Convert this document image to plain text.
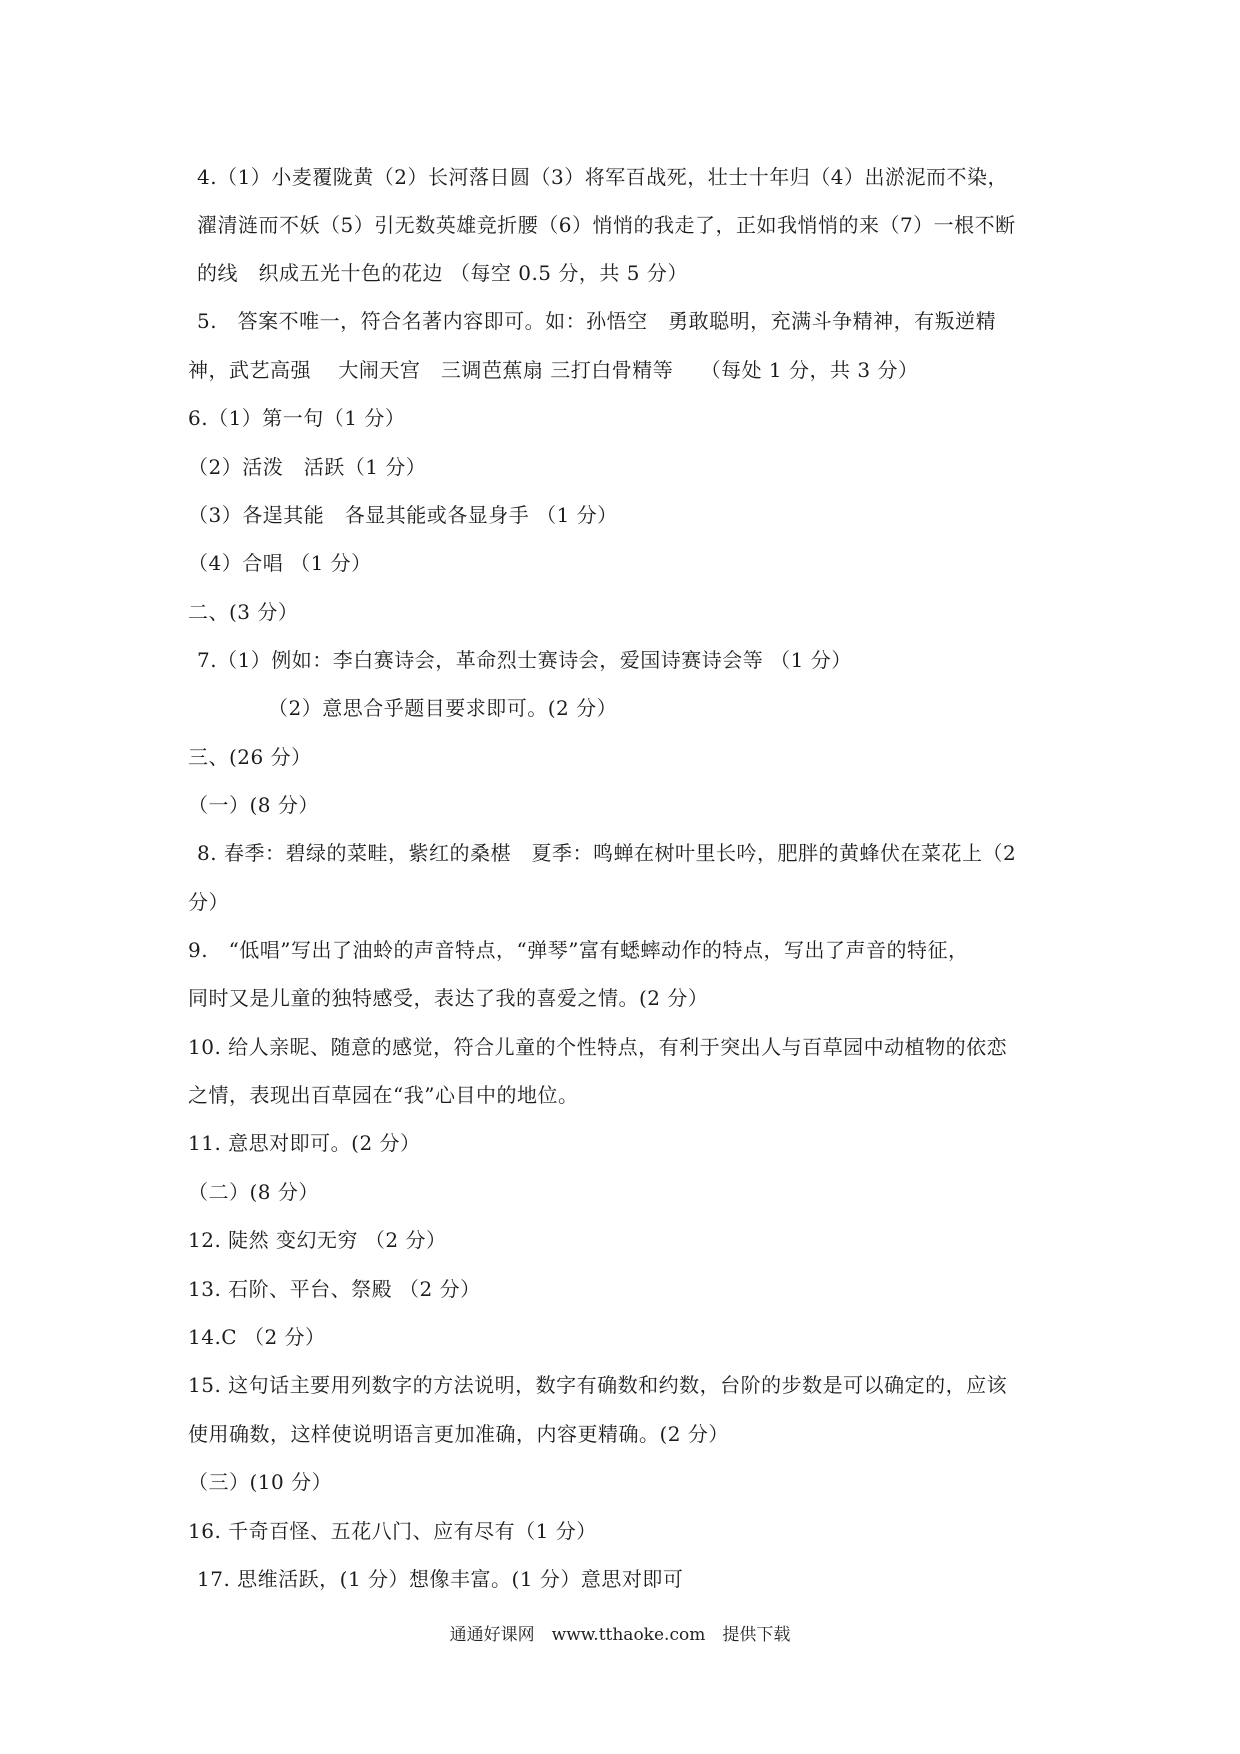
4.（1）小麦覆陇黄（2）长河落日圆（3）将军百战死，壮士十年归（4）出淤泥而不染，
濯清涟而不妖（5）引无数英雄竞折腰（6）悄悄的我走了，正如我悄悄的来（7）一根不断
的线　织成五光十色的花边 （每空 0.5 分，共 5 分）
5.　答案不唯一，符合名著内容即可。如：孙悟空　勇敢聪明，充满斗争精神，有叛逆精
神，武艺高强　 大闹天宫　三调芭蕉扇 三打白骨精等　 （每处 1 分，共 3 分）
6.（1）第一句（1 分）
（2）活泼　活跃（1 分）
（3）各逞其能　各显其能或各显身手 （1 分）
（4）合唱 （1 分）
二、(3 分）
7.（1）例如：李白赛诗会，革命烈士赛诗会，爱国诗赛诗会等 （1 分）
（2）意思合乎题目要求即可。(2 分）
三、(26 分）
（一）(8 分）
8. 春季：碧绿的菜畦，紫红的桑椹　夏季：鸣蝉在树叶里长吟，肥胖的黄蜂伏在菜花上（2
分）
9.　“低唱”写出了油蛉的声音特点，“弹琴”富有蟋蟀动作的特点，写出了声音的特征，
同时又是儿童的独特感受，表达了我的喜爱之情。(2 分）
10. 给人亲昵、随意的感觉，符合儿童的个性特点，有利于突出人与百草园中动植物的依恋
之情，表现出百草园在“我”心目中的地位。
11. 意思对即可。(2 分）
（二）(8 分）
12. 陡然 变幻无穷 （2 分）
13. 石阶、平台、祭殿 （2 分）
14.C （2 分）
15. 这句话主要用列数字的方法说明，数字有确数和约数，台阶的步数是可以确定的，应该
使用确数，这样使说明语言更加准确，内容更精确。(2 分）
（三）(10 分）
16. 千奇百怪、五花八门、应有尽有（1 分）
17. 思维活跃，(1 分）想像丰富。(1 分）意思对即可
通通好课网　www.tthaoke.com　提供下载
